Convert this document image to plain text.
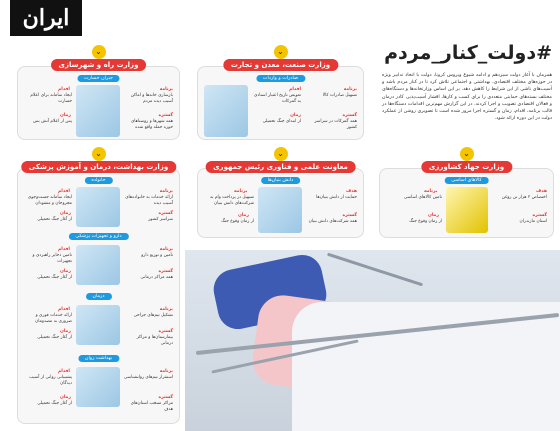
ایران
#دولت_کنار_مردم
همزمان با آغاز دولت سیزدهم و ادامه شیوع ویروس کرونا، دولت با اتخاذ تدابیر ویژه در حوزه‌های مختلف اقتصادی، بهداشتی و اجتماعی تلاش کرد تا در کنار مردم باشد و آسیب‌های ناشی از این شرایط را کاهش دهد. بر این اساس وزارتخانه‌ها و دستگاه‌های مختلف بسته‌های حمایتی متعددی را برای کسب و کارها، اقشار آسیب‌پذیر، کادر درمان و فعالان اقتصادی تصویب و اجرا کردند. در این گزارش مهم‌ترین اقدامات دستگاه‌ها در قالب برنامه، اقدام، زمان و گستره اجرا مرور شده است تا تصویری روشن از عملکرد دولت در این دوره ارائه شود.
⌄
وزارت صنعت، معدن و تجارت
صادرات و واردات
برنامه
تسهیل صادرات کالا
اقدام
تعویض تاریخ اعتبار اسنادی به گمرکات
گستره
همه گمرکات در سراسر کشور
زمان
از ابتدای جنگ تحمیلی
⌄
وزارت راه و شهرسازی
جبران خسارت
برنامه
بازسازی خانه‌ها و اماکن آسیب دیده مردم
اقدام
ایجاد سامانه برای اعلام خسارت
گستره
همه شهرها و روستاهای حوزه حمله واقع شده
زمان
پس از اعلام آتش بس
⌄
وزارت جهاد کشاورزی
کالاهای اساسی
هدف
اختصاص ۲ هزار تن روغن
برنامه
تامین کالاهای اساسی
گستره
استان مازندران
زمان
از زمان وقوع جنگ
⌄
معاونت علمی و فناوری رئیس جمهوری
دانش بنیان‌ها
هدف
حمایت از دانش بنیان‌ها
برنامه
تسهیل در پرداخت وام به شرکت‌های دانش بنیان
گستره
همه شرکت‌های دانش بنیان
زمان
از زمان وقوع جنگ
⌄
وزارت بهداشت، درمان و آموزش پزشکی
خانواده
برنامه
ارائه خدمات به خانواده‌های آسیب دیده
اقدام
ایجاد سامانه جست‌وجوی مجروحان و مفقودان
گستره
سراسر کشور
زمان
از آغاز جنگ تحمیلی
دارو و تجهیزات پزشکی
برنامه
تأمین و توزیع دارو
اقدام
تامین ذخایر راهبردی و تجهیزات
گستره
همه مراکز درمانی
زمان
از آغاز جنگ تحمیلی
درمان
برنامه
تشکیل تیم‌های جراحی
اقدام
ارائه خدمات فوری و ضروری به مصدومان
گستره
بیمارستان‌ها و مراکز درمانی
زمان
از آغاز جنگ تحمیلی
بهداشت روان
برنامه
استقرار تیم‌های روانشناسی
اقدام
پشتیبانی روانی از آسیب دیدگان
گستره
مراکز منتخب استان‌های هدف
زمان
از آغاز جنگ تحمیلی
